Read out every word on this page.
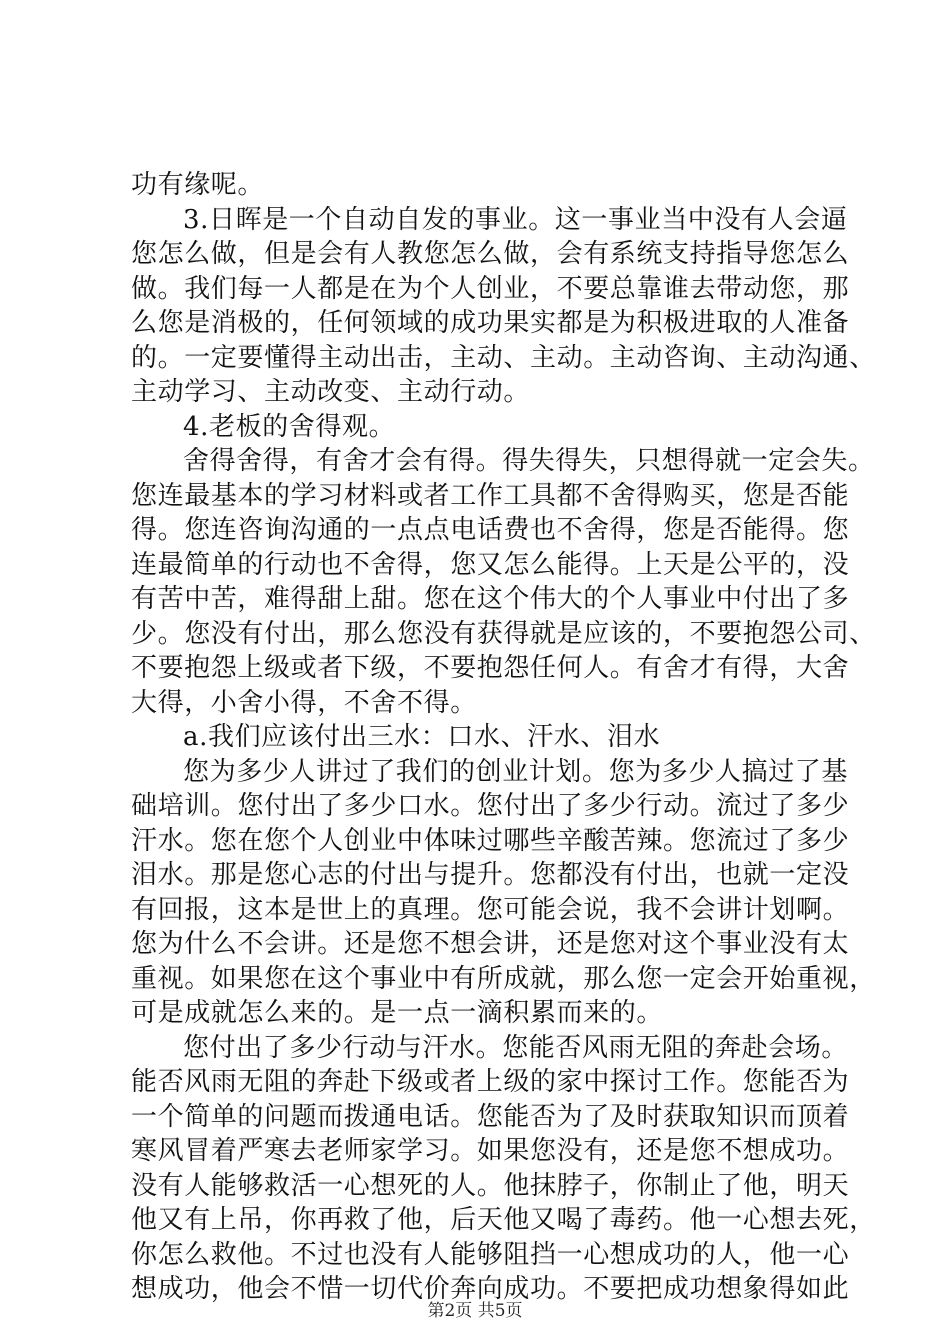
功有缘呢。
3.日晖是一个自动自发的事业。这一事业当中没有人会逼
您怎么做，但是会有人教您怎么做，会有系统支持指导您怎么
做。我们每一人都是在为个人创业，不要总靠谁去带动您，那
么您是消极的，任何领域的成功果实都是为积极进取的人准备
的。一定要懂得主动出击，主动、主动。主动咨询、主动沟通、
主动学习、主动改变、主动行动。
4.老板的舍得观。
舍得舍得，有舍才会有得。得失得失，只想得就一定会失。
您连最基本的学习材料或者工作工具都不舍得购买，您是否能
得。您连咨询沟通的一点点电话费也不舍得，您是否能得。您
连最简单的行动也不舍得，您又怎么能得。上天是公平的，没
有苦中苦，难得甜上甜。您在这个伟大的个人事业中付出了多
少。您没有付出，那么您没有获得就是应该的，不要抱怨公司、
不要抱怨上级或者下级，不要抱怨任何人。有舍才有得，大舍
大得，小舍小得，不舍不得。
a.我们应该付出三水：口水、汗水、泪水
您为多少人讲过了我们的创业计划。您为多少人搞过了基
础培训。您付出了多少口水。您付出了多少行动。流过了多少
汗水。您在您个人创业中体味过哪些辛酸苦辣。您流过了多少
泪水。那是您心志的付出与提升。您都没有付出，也就一定没
有回报，这本是世上的真理。您可能会说，我不会讲计划啊。
您为什么不会讲。还是您不想会讲，还是您对这个事业没有太
重视。如果您在这个事业中有所成就，那么您一定会开始重视，
可是成就怎么来的。是一点一滴积累而来的。
您付出了多少行动与汗水。您能否风雨无阻的奔赴会场。
能否风雨无阻的奔赴下级或者上级的家中探讨工作。您能否为
一个简单的问题而拨通电话。您能否为了及时获取知识而顶着
寒风冒着严寒去老师家学习。如果您没有，还是您不想成功。
没有人能够救活一心想死的人。他抹脖子，你制止了他，明天
他又有上吊，你再救了他，后天他又喝了毒药。他一心想去死，
你怎么救他。不过也没有人能够阻挡一心想成功的人，他一心
想成功，他会不惜一切代价奔向成功。不要把成功想象得如此
第2页 共5页
